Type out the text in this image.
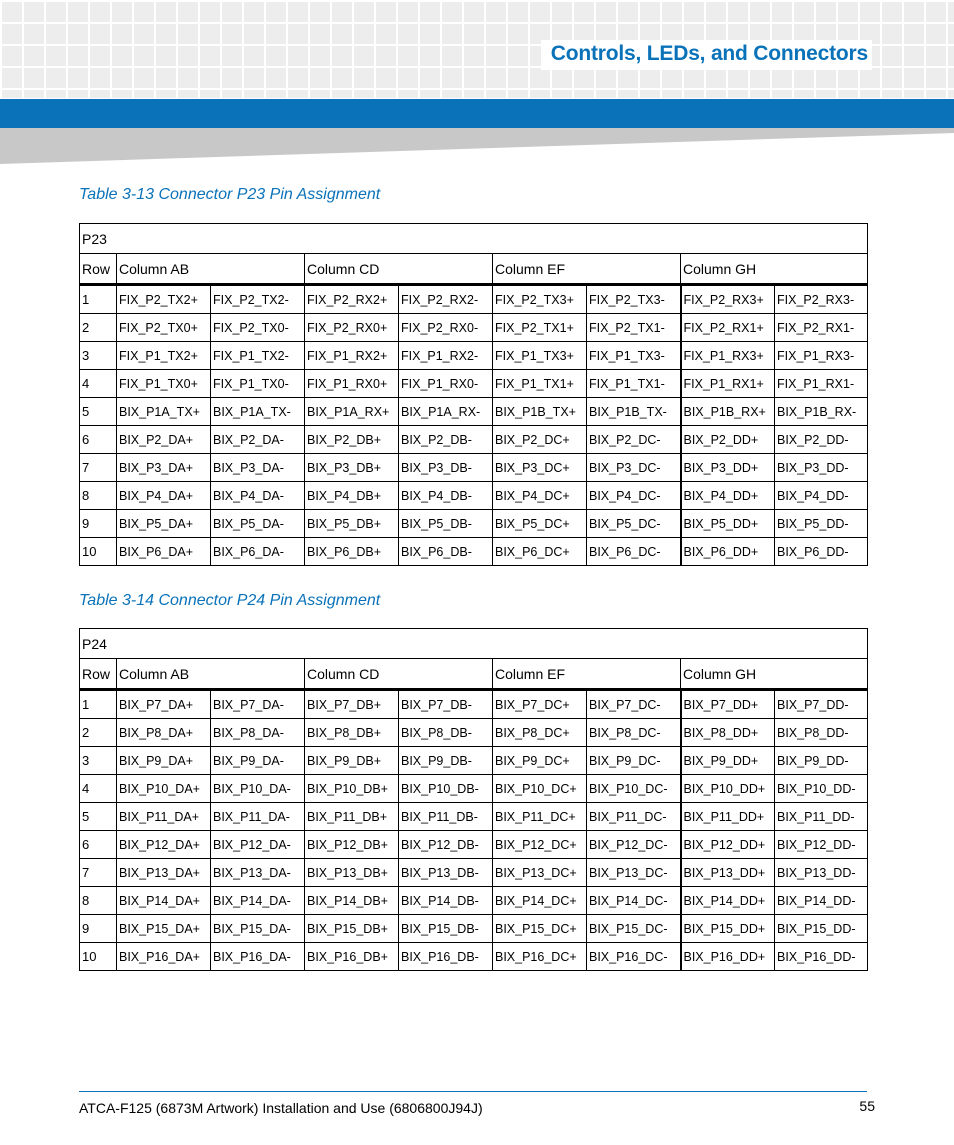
Controls, LEDs, and Connectors
Table 3-13 Connector P23 Pin Assignment
P23								
Row	Column AB		Column CD		Column EF		Column GH	
1	FIX_P2_TX2+	FIX_P2_TX2-	FIX_P2_RX2+	FIX_P2_RX2-	FIX_P2_TX3+	FIX_P2_TX3-	FIX_P2_RX3+	FIX_P2_RX3-
2	FIX_P2_TX0+	FIX_P2_TX0-	FIX_P2_RX0+	FIX_P2_RX0-	FIX_P2_TX1+	FIX_P2_TX1-	FIX_P2_RX1+	FIX_P2_RX1-
3	FIX_P1_TX2+	FIX_P1_TX2-	FIX_P1_RX2+	FIX_P1_RX2-	FIX_P1_TX3+	FIX_P1_TX3-	FIX_P1_RX3+	FIX_P1_RX3-
4	FIX_P1_TX0+	FIX_P1_TX0-	FIX_P1_RX0+	FIX_P1_RX0-	FIX_P1_TX1+	FIX_P1_TX1-	FIX_P1_RX1+	FIX_P1_RX1-
5	BIX_P1A_TX+	BIX_P1A_TX-	BIX_P1A_RX+	BIX_P1A_RX-	BIX_P1B_TX+	BIX_P1B_TX-	BIX_P1B_RX+	BIX_P1B_RX-
6	BIX_P2_DA+	BIX_P2_DA-	BIX_P2_DB+	BIX_P2_DB-	BIX_P2_DC+	BIX_P2_DC-	BIX_P2_DD+	BIX_P2_DD-
7	BIX_P3_DA+	BIX_P3_DA-	BIX_P3_DB+	BIX_P3_DB-	BIX_P3_DC+	BIX_P3_DC-	BIX_P3_DD+	BIX_P3_DD-
8	BIX_P4_DA+	BIX_P4_DA-	BIX_P4_DB+	BIX_P4_DB-	BIX_P4_DC+	BIX_P4_DC-	BIX_P4_DD+	BIX_P4_DD-
9	BIX_P5_DA+	BIX_P5_DA-	BIX_P5_DB+	BIX_P5_DB-	BIX_P5_DC+	BIX_P5_DC-	BIX_P5_DD+	BIX_P5_DD-
10	BIX_P6_DA+	BIX_P6_DA-	BIX_P6_DB+	BIX_P6_DB-	BIX_P6_DC+	BIX_P6_DC-	BIX_P6_DD+	BIX_P6_DD-
Table 3-14 Connector P24 Pin Assignment
P24								
Row	Column AB		Column CD		Column EF		Column GH	
1	BIX_P7_DA+	BIX_P7_DA-	BIX_P7_DB+	BIX_P7_DB-	BIX_P7_DC+	BIX_P7_DC-	BIX_P7_DD+	BIX_P7_DD-
2	BIX_P8_DA+	BIX_P8_DA-	BIX_P8_DB+	BIX_P8_DB-	BIX_P8_DC+	BIX_P8_DC-	BIX_P8_DD+	BIX_P8_DD-
3	BIX_P9_DA+	BIX_P9_DA-	BIX_P9_DB+	BIX_P9_DB-	BIX_P9_DC+	BIX_P9_DC-	BIX_P9_DD+	BIX_P9_DD-
4	BIX_P10_DA+	BIX_P10_DA-	BIX_P10_DB+	BIX_P10_DB-	BIX_P10_DC+	BIX_P10_DC-	BIX_P10_DD+	BIX_P10_DD-
5	BIX_P11_DA+	BIX_P11_DA-	BIX_P11_DB+	BIX_P11_DB-	BIX_P11_DC+	BIX_P11_DC-	BIX_P11_DD+	BIX_P11_DD-
6	BIX_P12_DA+	BIX_P12_DA-	BIX_P12_DB+	BIX_P12_DB-	BIX_P12_DC+	BIX_P12_DC-	BIX_P12_DD+	BIX_P12_DD-
7	BIX_P13_DA+	BIX_P13_DA-	BIX_P13_DB+	BIX_P13_DB-	BIX_P13_DC+	BIX_P13_DC-	BIX_P13_DD+	BIX_P13_DD-
8	BIX_P14_DA+	BIX_P14_DA-	BIX_P14_DB+	BIX_P14_DB-	BIX_P14_DC+	BIX_P14_DC-	BIX_P14_DD+	BIX_P14_DD-
9	BIX_P15_DA+	BIX_P15_DA-	BIX_P15_DB+	BIX_P15_DB-	BIX_P15_DC+	BIX_P15_DC-	BIX_P15_DD+	BIX_P15_DD-
10	BIX_P16_DA+	BIX_P16_DA-	BIX_P16_DB+	BIX_P16_DB-	BIX_P16_DC+	BIX_P16_DC-	BIX_P16_DD+	BIX_P16_DD-
ATCA-F125 (6873M Artwork) Installation and Use (6806800J94J)	55
